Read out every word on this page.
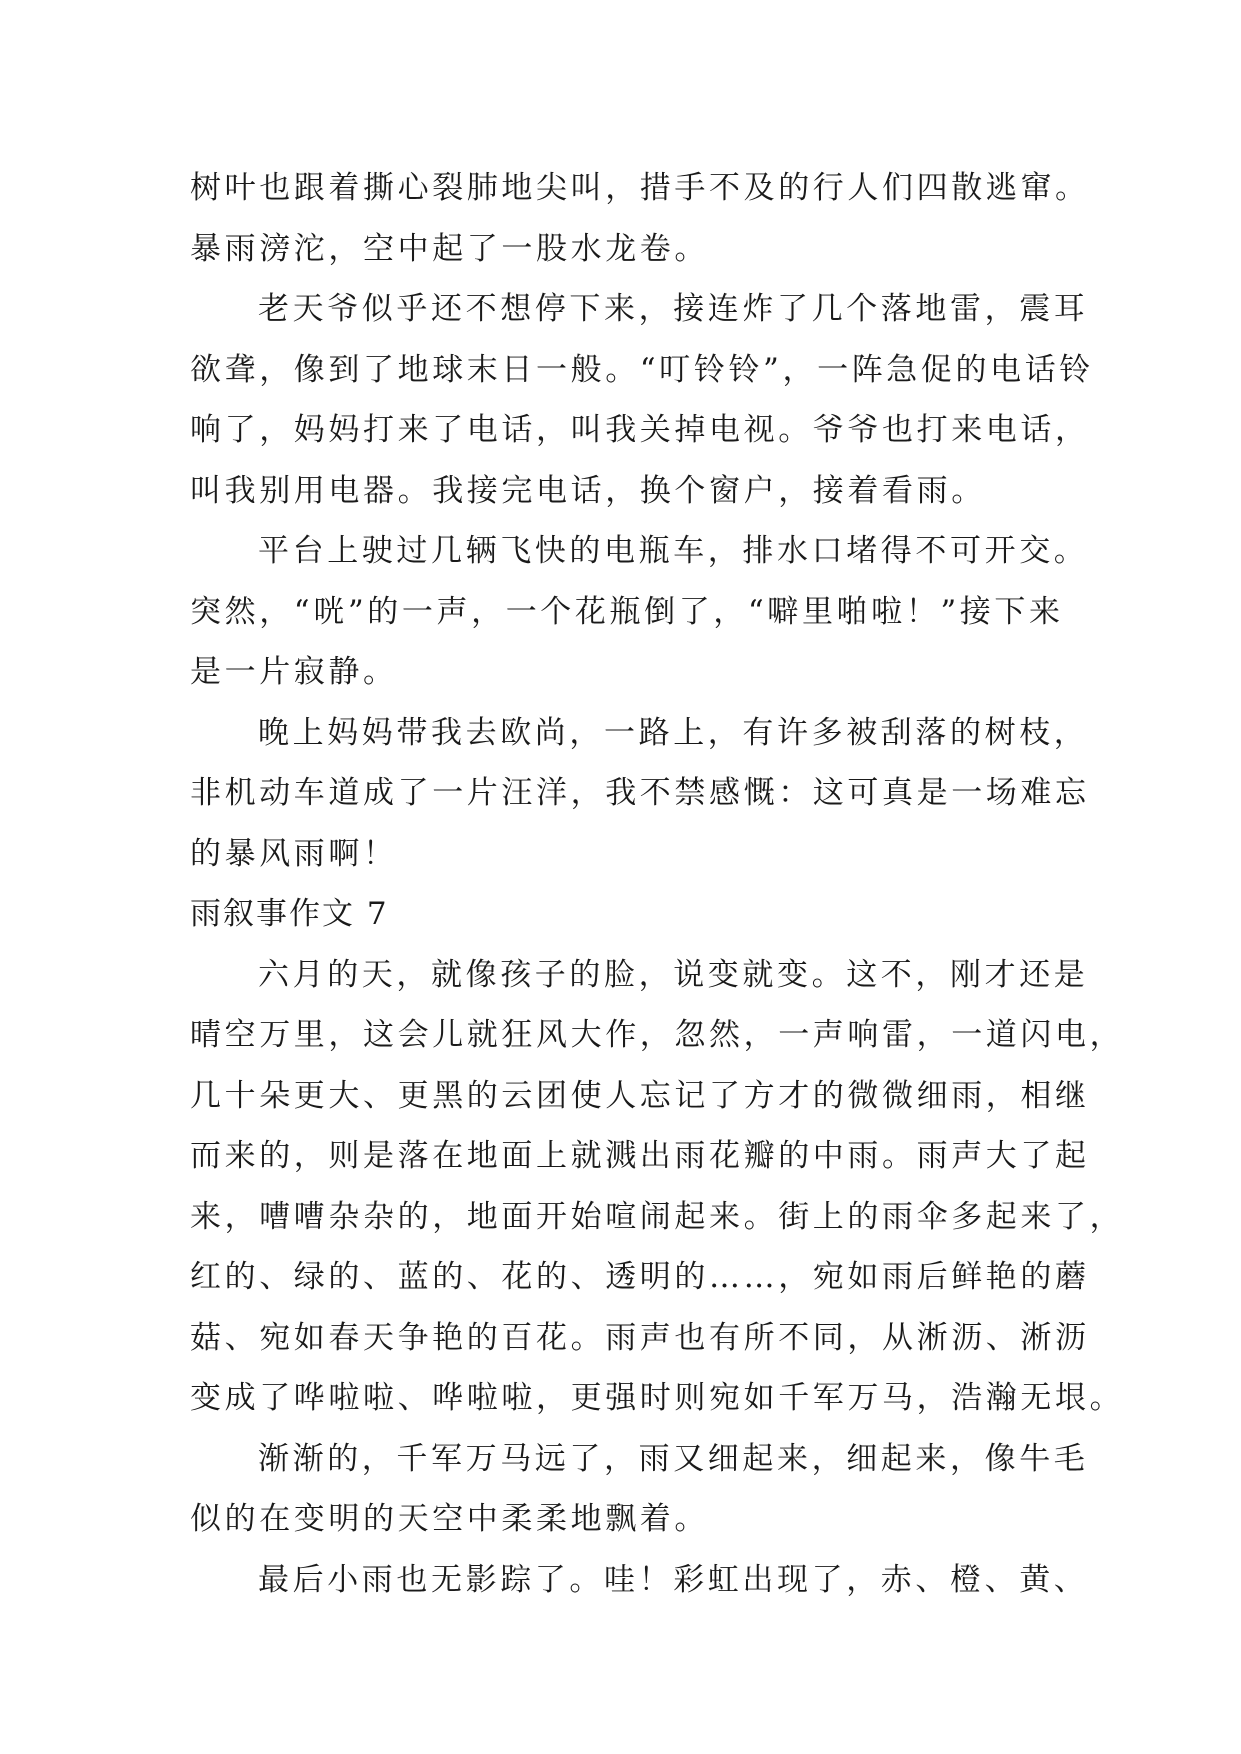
树叶也跟着撕心裂肺地尖叫，措手不及的行人们四散逃窜。
暴雨滂沱，空中起了一股水龙卷。
老天爷似乎还不想停下来，接连炸了几个落地雷，震耳
欲聋，像到了地球末日一般。“叮铃铃”，一阵急促的电话铃
响了，妈妈打来了电话，叫我关掉电视。爷爷也打来电话，
叫我别用电器。我接完电话，换个窗户，接着看雨。
平台上驶过几辆飞快的电瓶车，排水口堵得不可开交。
突然，“咣”的一声，一个花瓶倒了，“噼里啪啦！”接下来
是一片寂静。
晚上妈妈带我去欧尚，一路上，有许多被刮落的树枝，
非机动车道成了一片汪洋，我不禁感慨：这可真是一场难忘
的暴风雨啊！
雨叙事作文 7
六月的天，就像孩子的脸，说变就变。这不，刚才还是
晴空万里，这会儿就狂风大作，忽然，一声响雷，一道闪电，
几十朵更大、更黑的云团使人忘记了方才的微微细雨，相继
而来的，则是落在地面上就溅出雨花瓣的中雨。雨声大了起
来，嘈嘈杂杂的，地面开始喧闹起来。街上的雨伞多起来了，
红的、绿的、蓝的、花的、透明的……，宛如雨后鲜艳的蘑
菇、宛如春天争艳的百花。雨声也有所不同，从淅沥、淅沥
变成了哗啦啦、哗啦啦，更强时则宛如千军万马，浩瀚无垠。
渐渐的，千军万马远了，雨又细起来，细起来，像牛毛
似的在变明的天空中柔柔地飘着。
最后小雨也无影踪了。哇！彩虹出现了，赤、橙、黄、
